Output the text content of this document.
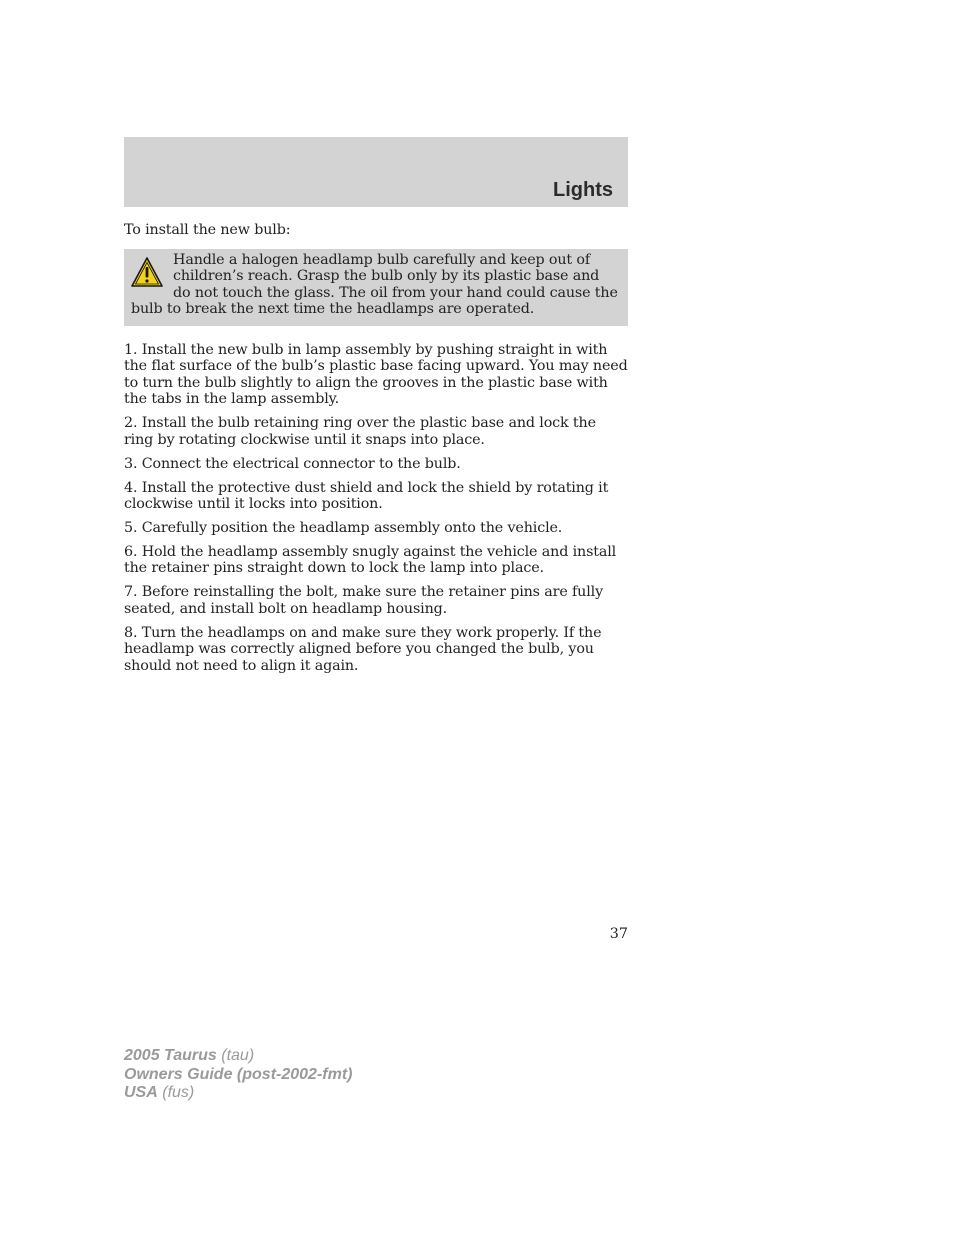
Lights
To install the new bulb:
Handle a halogen headlamp bulb carefully and keep out of children’s reach. Grasp the bulb only by its plastic base and do not touch the glass. The oil from your hand could cause the bulb to break the next time the headlamps are operated.

1. Install the new bulb in lamp assembly by pushing straight in with the flat surface of the bulb’s plastic base facing upward. You may need to turn the bulb slightly to align the grooves in the plastic base with the tabs in the lamp assembly.

2. Install the bulb retaining ring over the plastic base and lock the ring by rotating clockwise until it snaps into place.

3. Connect the electrical connector to the bulb.

4. Install the protective dust shield and lock the shield by rotating it clockwise until it locks into position.

5. Carefully position the headlamp assembly onto the vehicle.

6. Hold the headlamp assembly snugly against the vehicle and install the retainer pins straight down to lock the lamp into place.

7. Before reinstalling the bolt, make sure the retainer pins are fully seated, and install bolt on headlamp housing.

8. Turn the headlamps on and make sure they work properly. If the headlamp was correctly aligned before you changed the bulb, you should not need to align it again.

37
2005 Taurus (tau)
Owners Guide (post-2002-fmt)
USA (fus)
